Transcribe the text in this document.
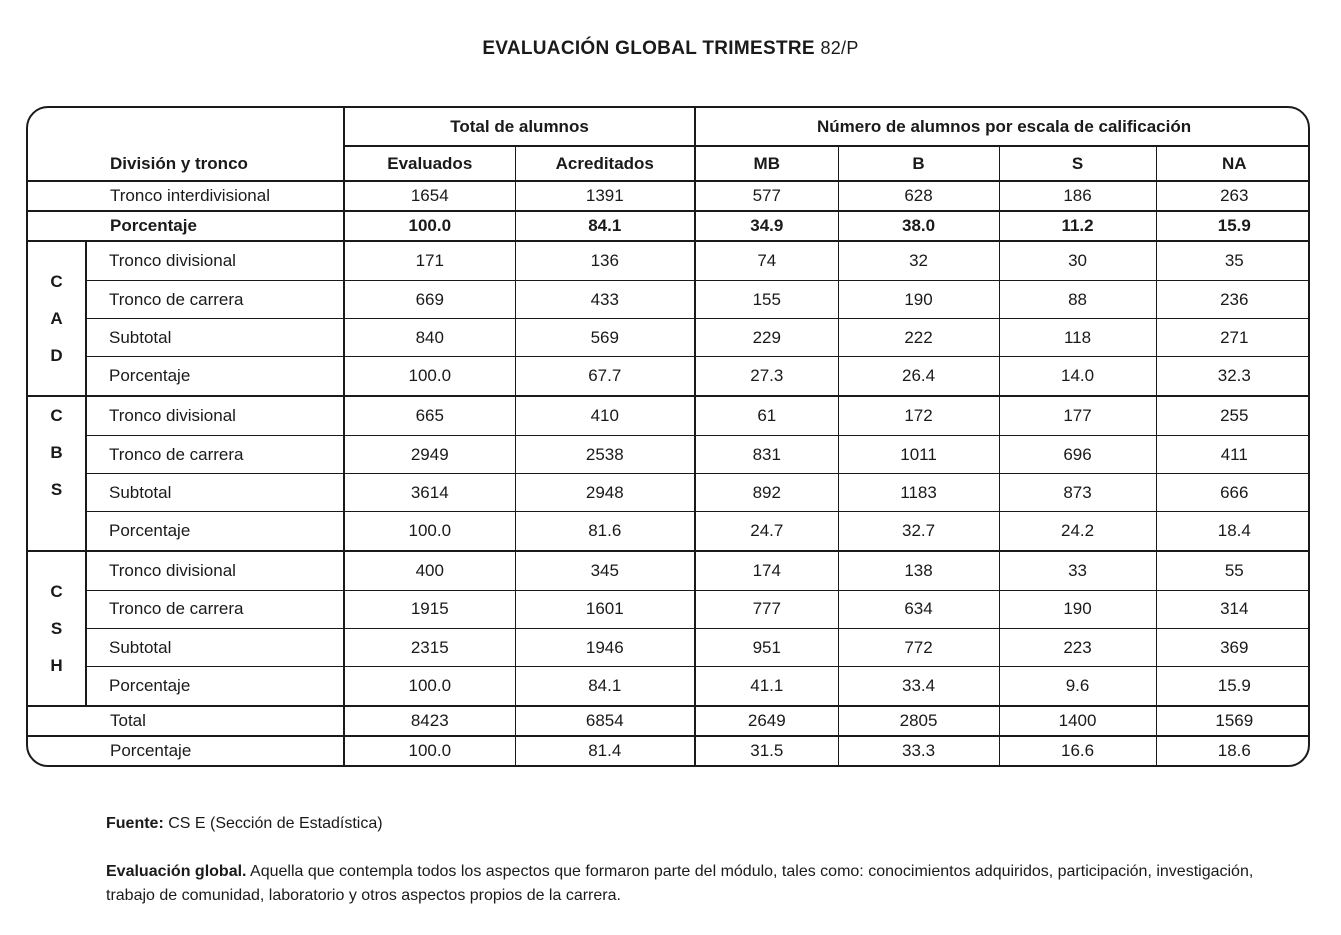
EVALUACIÓN GLOBAL TRIMESTRE 82/P
División y tronco		Total de alumnos		Número de alumnos por escala de calificación			
		Evaluados	Acreditados	MB	B	S	NA
Tronco interdivisional		1654	1391	577	628	186	263
Porcentaje		100.0	84.1	34.9	38.0	11.2	15.9

C
A
D	Tronco divisional	171	136	74	32	30	35
	Tronco de carrera	669	433	155	190	88	236
	Subtotal	840	569	229	222	118	271
	Porcentaje	100.0	67.7	27.3	26.4	14.0	32.3

C
B
S	Tronco divisional	665	410	61	172	177	255
	Tronco de carrera	2949	2538	831	1011	696	411
	Subtotal	3614	2948	892	1183	873	666
	Porcentaje	100.0	81.6	24.7	32.7	24.2	18.4

C
S
H	Tronco divisional	400	345	174	138	33	55
	Tronco de carrera	1915	1601	777	634	190	314
	Subtotal	2315	1946	951	772	223	369
	Porcentaje	100.0	84.1	41.1	33.4	9.6	15.9
Total		8423	6854	2649	2805	1400	1569
Porcentaje		100.0	81.4	31.5	33.3	16.6	18.6
Fuente: CS E (Sección de Estadística)
Evaluación global. Aquella que contempla todos los aspectos que formaron parte del módulo, tales como: conocimientos adquiridos, participación, investigación, trabajo de comunidad, laboratorio y otros aspectos propios de la carrera.
